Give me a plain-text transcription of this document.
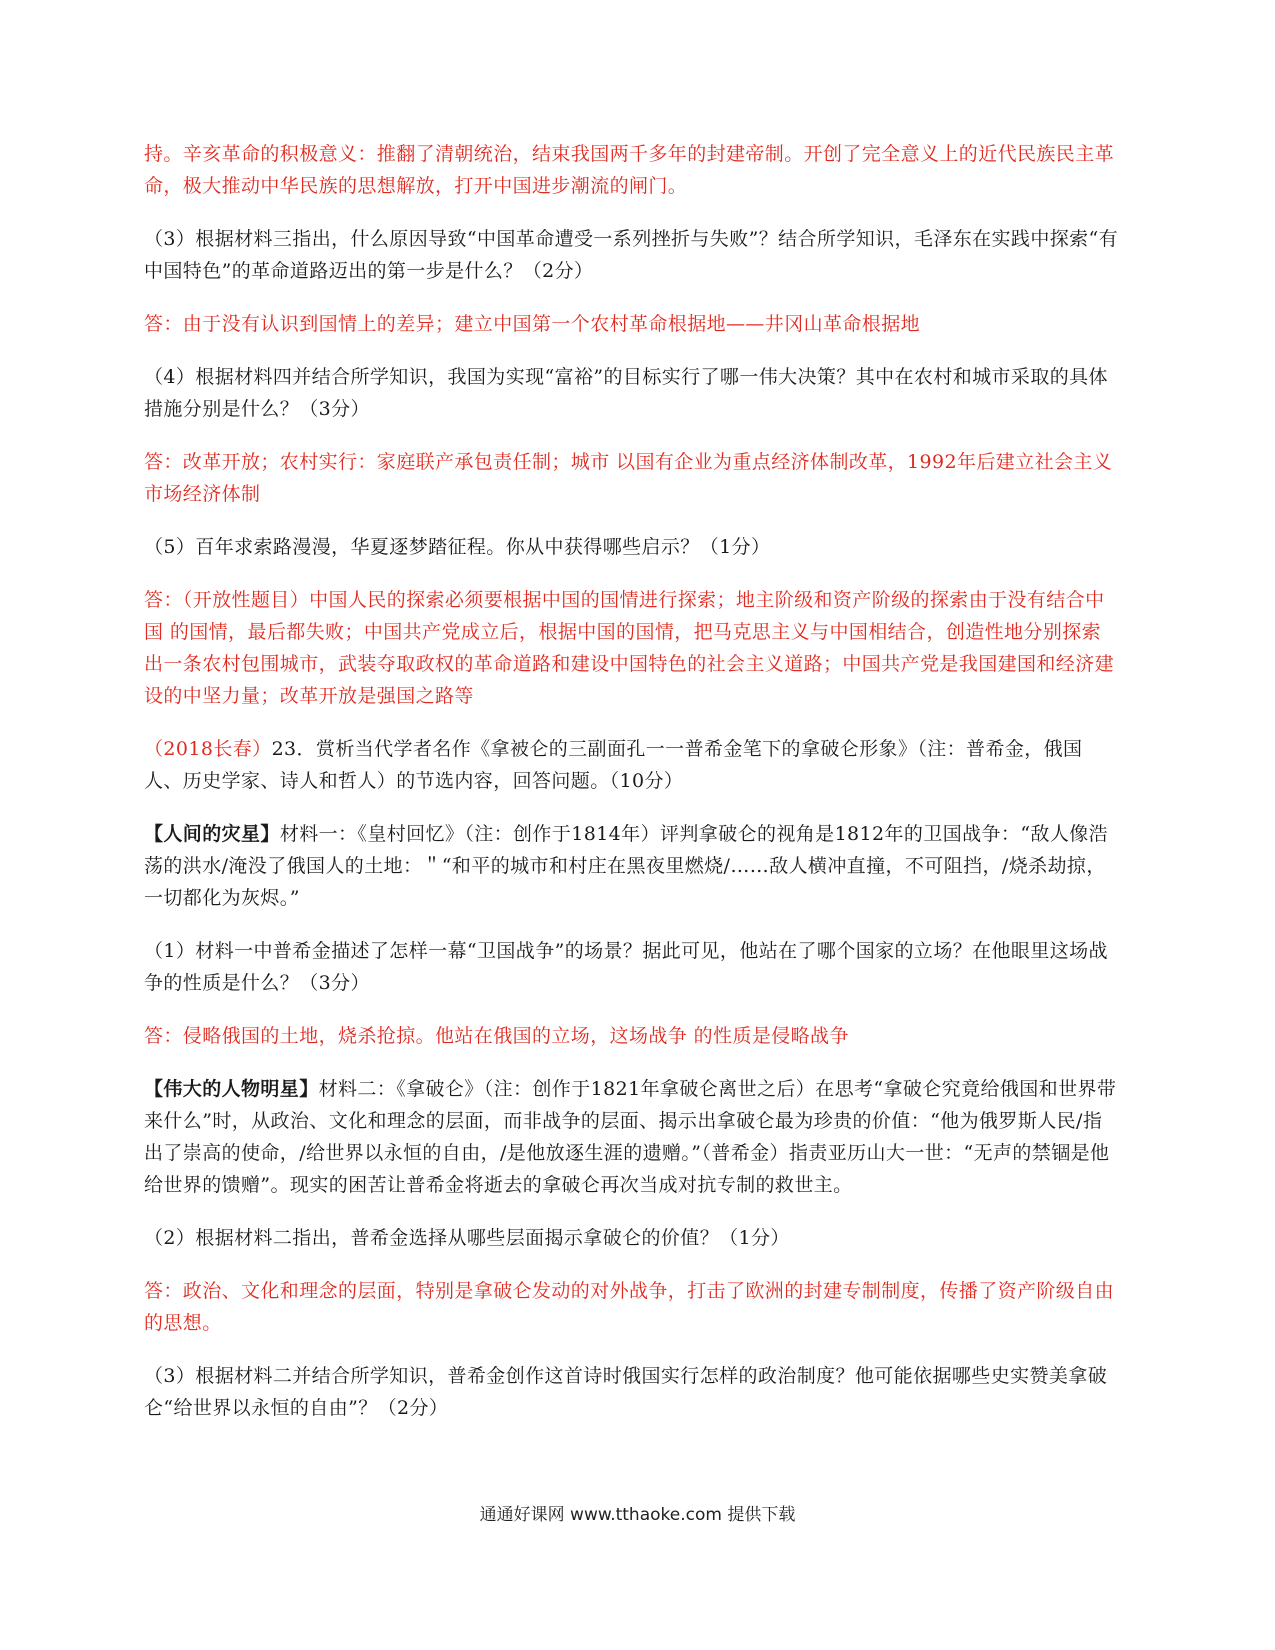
持。辛亥革命的积极意义：推翻了清朝统治，结束我国两千多年的封建帝制。开创了完全意义上的近代民族民主革命，极大推动中华民族的思想解放，打开中国进步潮流的闸门。

（3）根据材料三指出，什么原因导致“中国革命遭受一系列挫折与失败”？结合所学知识，毛泽东在实践中探索“有中国特色”的革命道路迈出的第一步是什么？（2分）

答：由于没有认识到国情上的差异；建立中国第一个农村革命根据地——井冈山革命根据地

（4）根据材料四并结合所学知识，我国为实现“富裕”的目标实行了哪一伟大决策？其中在农村和城市采取的具体措施分别是什么？（3分）

答：改革开放；农村实行：家庭联产承包责任制；城市 以国有企业为重点经济体制改革，1992年后建立社会主义市场经济体制

（5）百年求索路漫漫，华夏逐梦踏征程。你从中获得哪些启示？（1分）

答：（开放性题目）中国人民的探索必须要根据中国的国情进行探索；地主阶级和资产阶级的探索由于没有结合中 国 的国情，最后都失败；中国共产党成立后，根据中国的国情，把马克思主义与中国相结合，创造性地分别探索出一条农村包围城市，武装夺取政权的革命道路和建设中国特色的社会主义道路；中国共产党是我国建国和经济建设的中坚力量；改革开放是强国之路等

（2018长春）23．赏析当代学者名作《拿被仑的三副面孔一一普希金笔下的拿破仑形象》（注：普希金，俄国人、历史学家、诗人和哲人）的节选内容，回答问题。（10分）

【人间的灾星】材料一：《皇村回忆》（注：创作于1814年）评判拿破仑的视角是1812年的卫国战争：“敌人像浩荡的洪水/淹没了俄国人的土地：＂“和平的城市和村庄在黑夜里燃烧/……敌人横冲直撞，不可阻挡，/烧杀劫掠，一切都化为灰烬。”

（1）材料一中普希金描述了怎样一幕“卫国战争”的场景？据此可见，他站在了哪个国家的立场？在他眼里这场战争的性质是什么？（3分）

答：侵略俄国的土地，烧杀抢掠。他站在俄国的立场，这场战争 的性质是侵略战争

【伟大的人物明星】材料二：《拿破仑》（注：创作于1821年拿破仑离世之后）在思考“拿破仑究竟给俄国和世界带来什么”时，从政治、文化和理念的层面，而非战争的层面、揭示出拿破仑最为珍贵的价值：“他为俄罗斯人民/指出了崇高的使命，/给世界以永恒的自由，/是他放逐生涯的遗赠。”（普希金）指责亚历山大一世：“无声的禁锢是他给世界的馈赠”。现实的困苦让普希金将逝去的拿破仑再次当成对抗专制的救世主。

（2）根据材料二指出，普希金选择从哪些层面揭示拿破仑的价值？（1分）

答：政治、文化和理念的层面，特别是拿破仑发动的对外战争，打击了欧洲的封建专制制度，传播了资产阶级自由的思想。

（3）根据材料二并结合所学知识，普希金创作这首诗时俄国实行怎样的政治制度？他可能依据哪些史实赞美拿破仑“给世界以永恒的自由”？（2分）

通通好课网 www.tthaoke.com 提供下载
